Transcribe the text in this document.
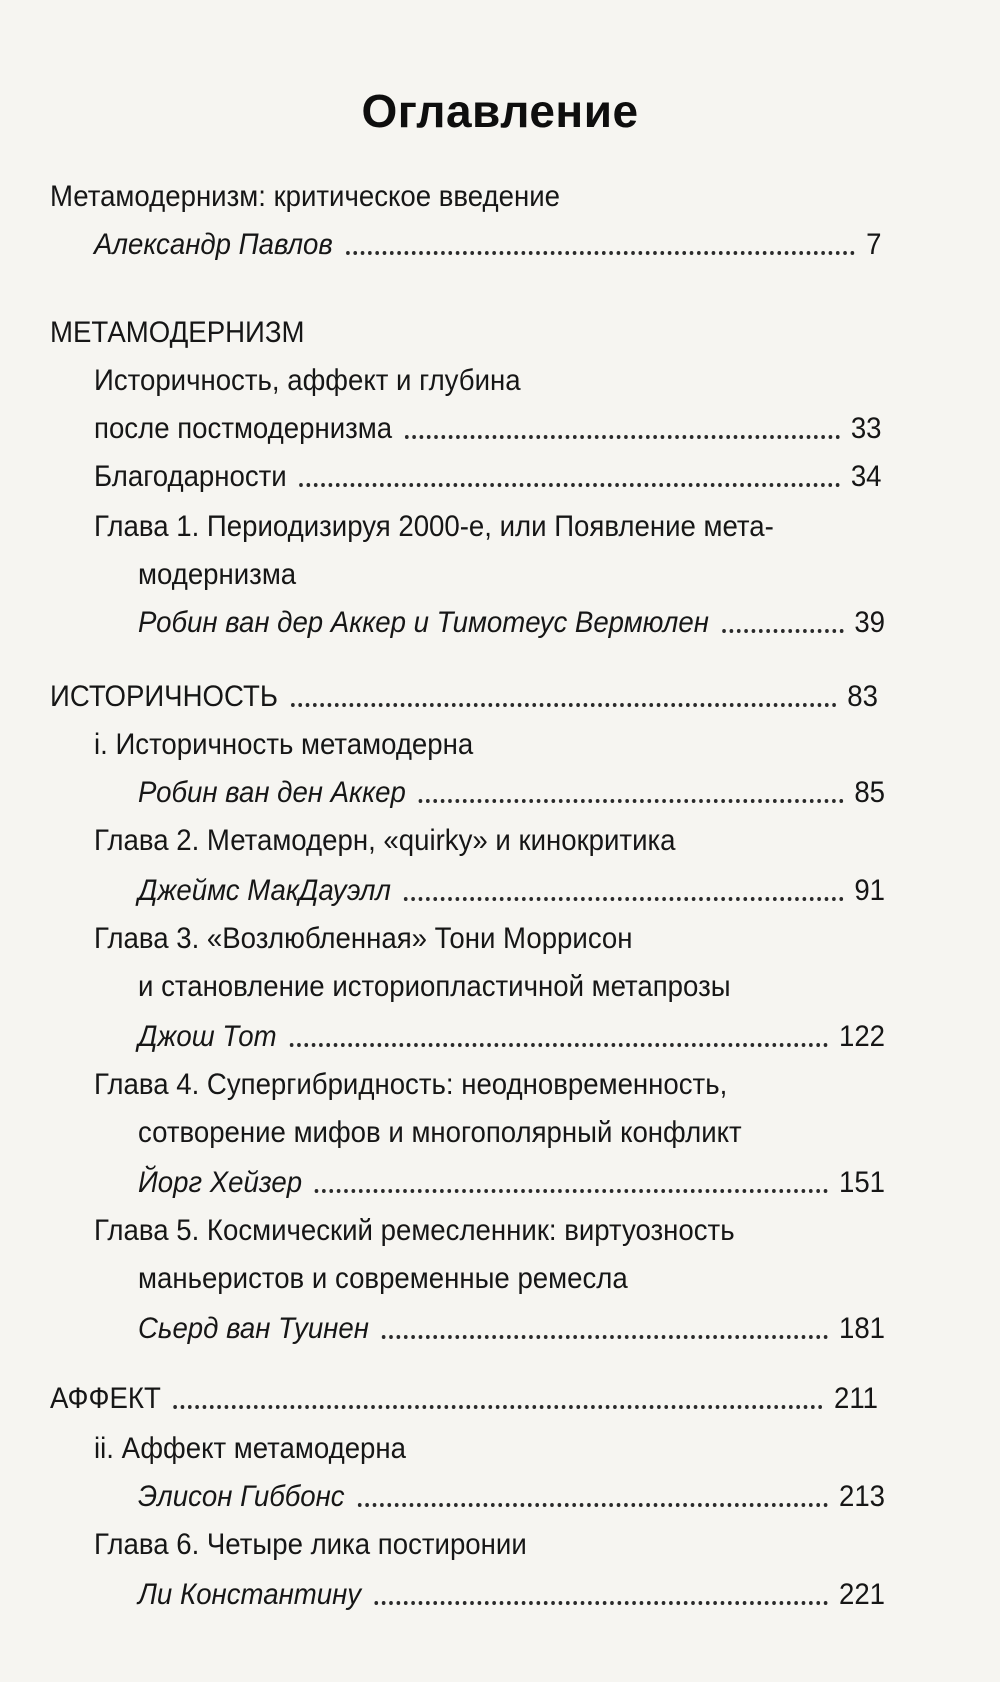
Оглавление
Метамодернизм: критическое введение
Александр Павлов	7
МЕТАМОДЕРНИЗМ
Историчность, аффект и глубина
после постмодернизма	33
Благодарности	34
Глава 1. Периодизируя 2000-е, или Появление мета-
модернизма
Робин ван дер Аккер и Тимотеус Вермюлен	39
ИСТОРИЧНОСТЬ	83
i. Историчность метамодерна
Робин ван ден Аккер	85
Глава 2. Метамодерн, «quirky» и кинокритика
Джеймс МакДауэлл	91
Глава 3. «Возлюбленная» Тони Моррисон
и становление историопластичной метапрозы
Джош Тот	122
Глава 4. Супергибридность: неодновременность,
сотворение мифов и многополярный конфликт
Йорг Хейзер	151
Глава 5. Космический ремесленник: виртуозность
маньеристов и современные ремесла
Сьерд ван Туинен	181
АФФЕКТ	211
ii. Аффект метамодерна
Элисон Гиббонс	213
Глава 6. Четыре лика постиронии
Ли Константину	221
